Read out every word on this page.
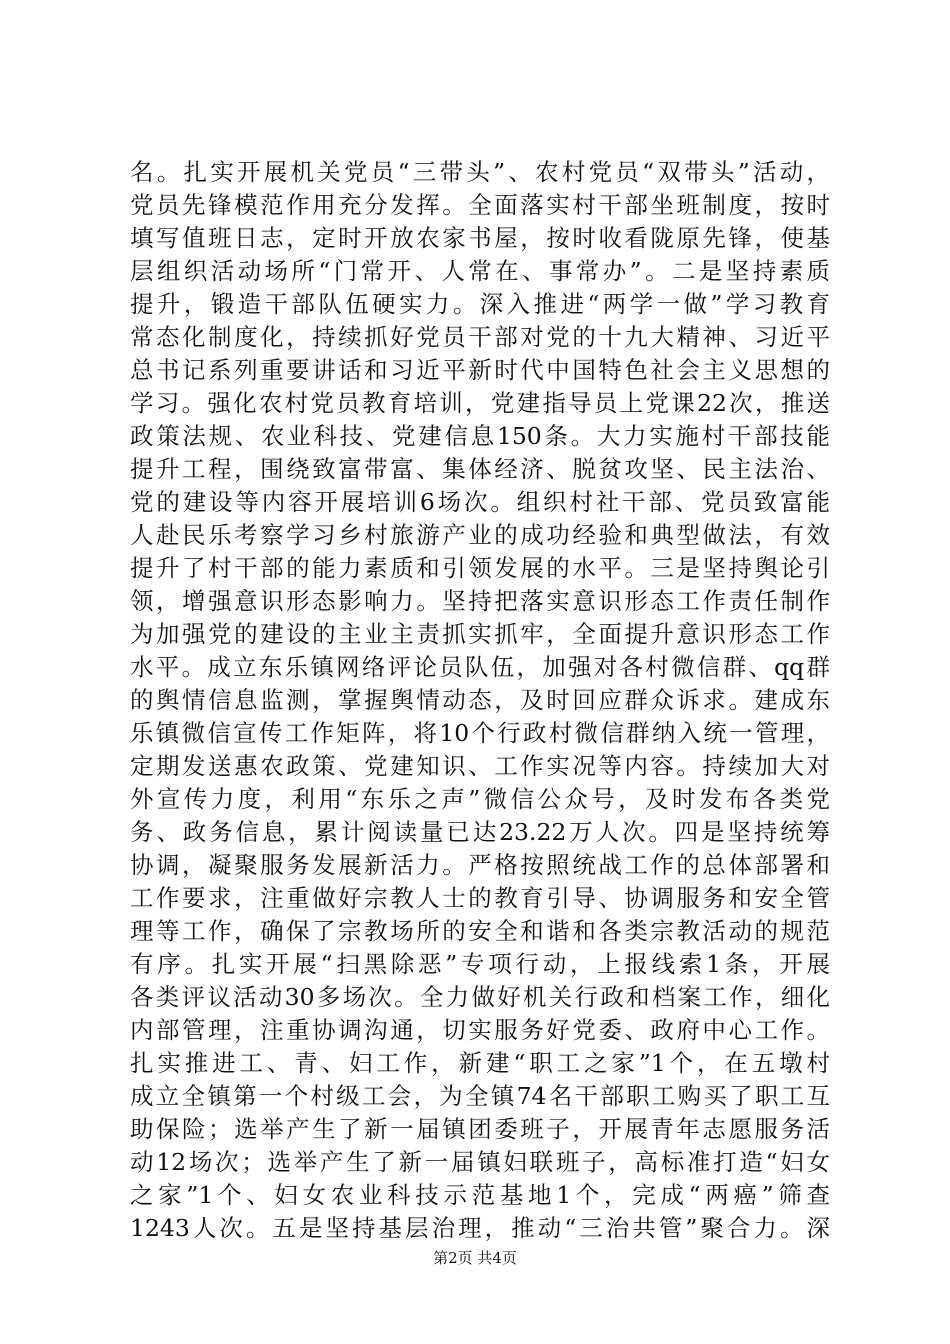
名。扎实开展机关党员“三带头”、农村党员“双带头”活动，
党员先锋模范作用充分发挥。全面落实村干部坐班制度，按时
填写值班日志，定时开放农家书屋，按时收看陇原先锋，使基
层组织活动场所“门常开、人常在、事常办”。二是坚持素质
提升，锻造干部队伍硬实力。深入推进“两学一做”学习教育
常态化制度化，持续抓好党员干部对党的十九大精神、习近平
总书记系列重要讲话和习近平新时代中国特色社会主义思想的
学习。强化农村党员教育培训，党建指导员上党课22次，推送
政策法规、农业科技、党建信息150条。大力实施村干部技能
提升工程，围绕致富带富、集体经济、脱贫攻坚、民主法治、
党的建设等内容开展培训6场次。组织村社干部、党员致富能
人赴民乐考察学习乡村旅游产业的成功经验和典型做法，有效
提升了村干部的能力素质和引领发展的水平。三是坚持舆论引
领，增强意识形态影响力。坚持把落实意识形态工作责任制作
为加强党的建设的主业主责抓实抓牢，全面提升意识形态工作
水平。成立东乐镇网络评论员队伍，加强对各村微信群、qq群
的舆情信息监测，掌握舆情动态，及时回应群众诉求。建成东
乐镇微信宣传工作矩阵，将10个行政村微信群纳入统一管理，
定期发送惠农政策、党建知识、工作实况等内容。持续加大对
外宣传力度，利用“东乐之声”微信公众号，及时发布各类党
务、政务信息，累计阅读量已达23.22万人次。四是坚持统筹
协调，凝聚服务发展新活力。严格按照统战工作的总体部署和
工作要求，注重做好宗教人士的教育引导、协调服务和安全管
理等工作，确保了宗教场所的安全和谐和各类宗教活动的规范
有序。扎实开展“扫黑除恶”专项行动，上报线索1条，开展
各类评议活动30多场次。全力做好机关行政和档案工作，细化
内部管理，注重协调沟通，切实服务好党委、政府中心工作。
扎实推进工、青、妇工作，新建“职工之家”1个，在五墩村
成立全镇第一个村级工会，为全镇74名干部职工购买了职工互
助保险；选举产生了新一届镇团委班子，开展青年志愿服务活
动12场次；选举产生了新一届镇妇联班子，高标准打造“妇女
之家”1个、妇女农业科技示范基地1个，完成“两癌”筛查
1243人次。五是坚持基层治理，推动“三治共管”聚合力。深
第2页 共4页
